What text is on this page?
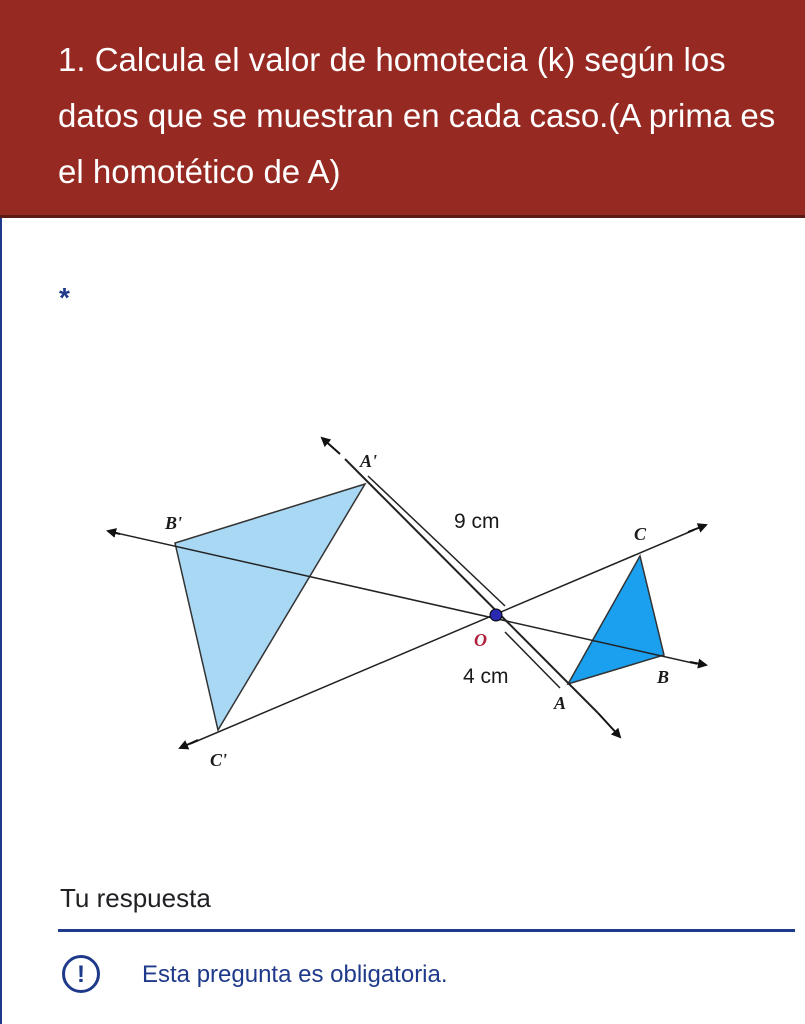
1. Calcula el valor de homotecia (k) según los datos que se muestran en cada caso.(A prima es el homotético de A)
*
A'
B'
C'
A
B
C
O
9 cm
4 cm
Tu respuesta
!	Esta pregunta es obligatoria.
